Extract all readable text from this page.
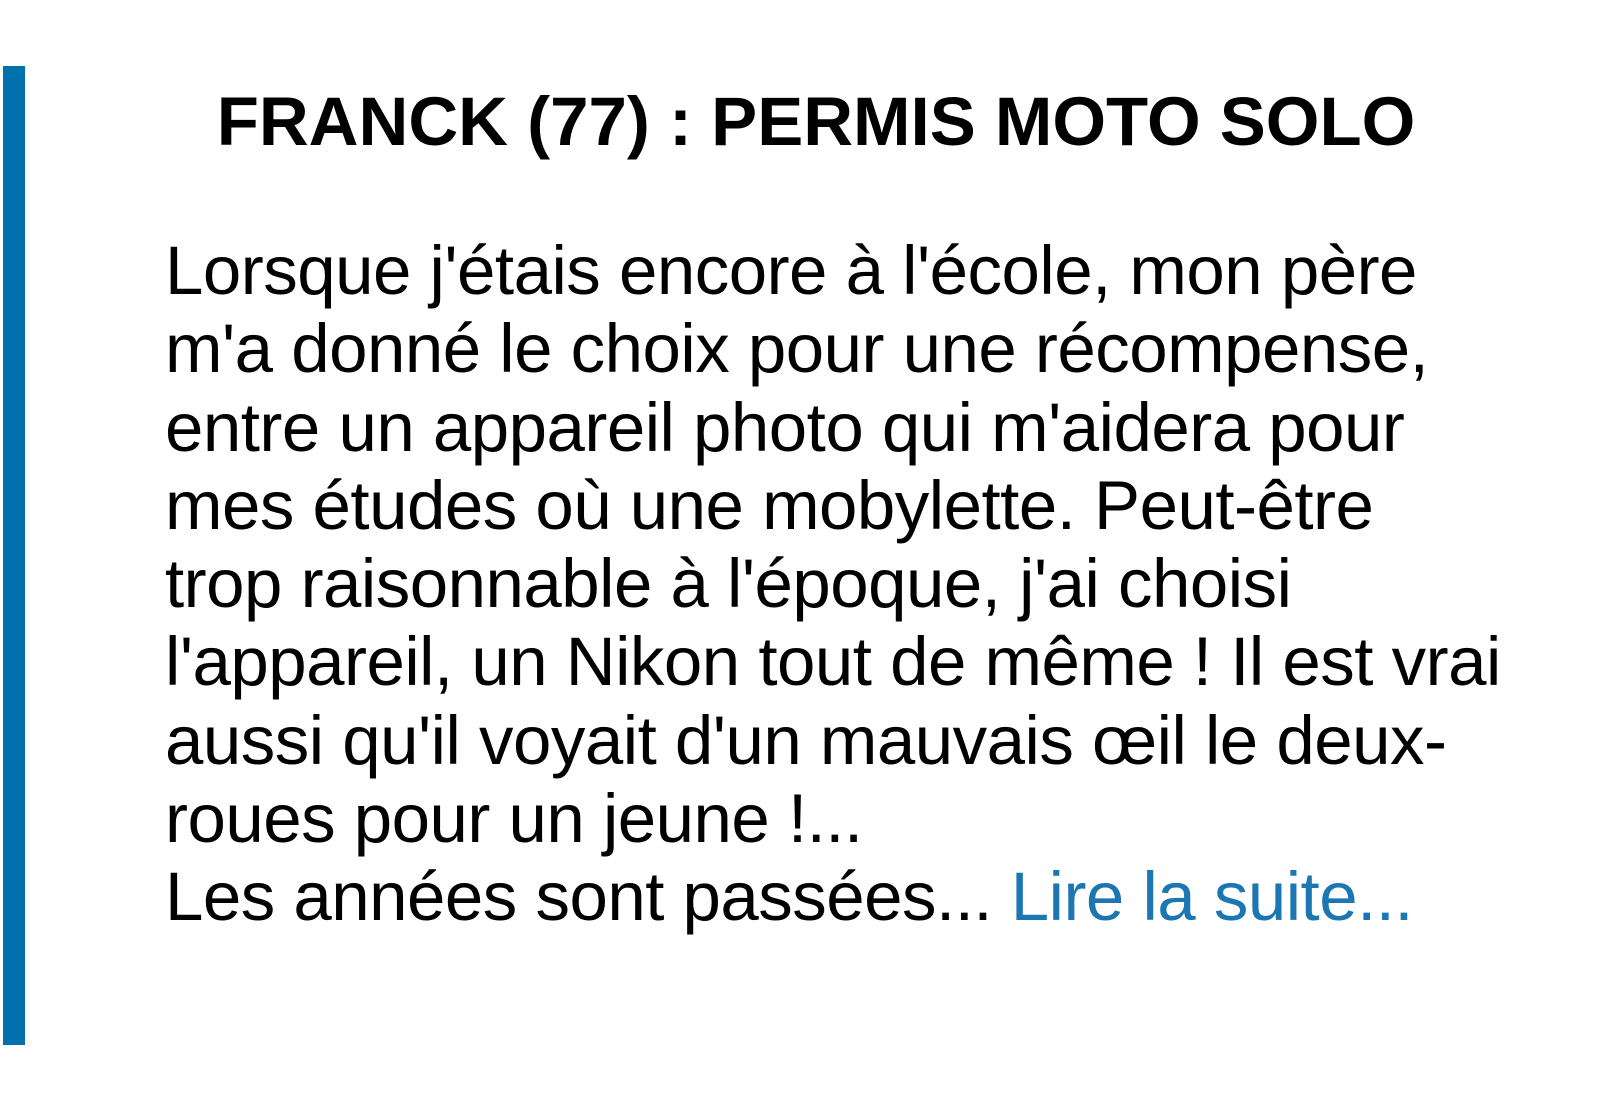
FRANCK (77) : PERMIS MOTO SOLO
Lorsque j'étais encore à l'école, mon père
m'a donné le choix pour une récompense,
entre un appareil photo qui m'aidera pour
mes études où une mobylette. Peut-être
trop raisonnable à l'époque, j'ai choisi
l'appareil, un Nikon tout de même ! Il est vrai
aussi qu'il voyait d'un mauvais œil le deux-
roues pour un jeune !...
Les années sont passées... Lire la suite...
